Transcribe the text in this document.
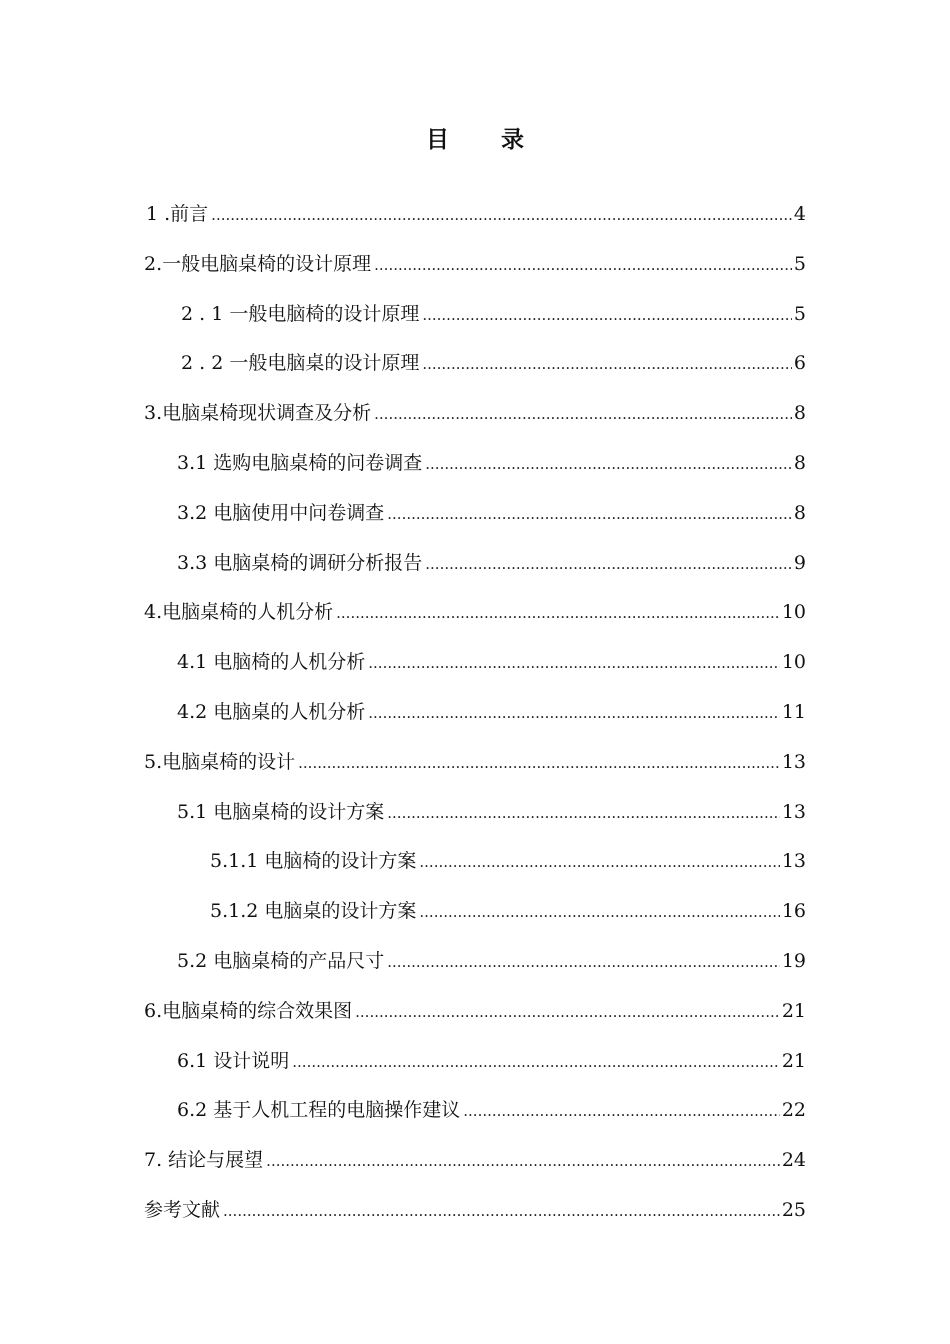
目 录
1 .前言 .....	4
2.一般电脑桌椅的设计原理 .....	5
2 . 1 一般电脑椅的设计原理 .....	5
2 . 2 一般电脑桌的设计原理 .....	6
3.电脑桌椅现状调查及分析 .....	8
3.1 选购电脑桌椅的问卷调查 .....	8
3.2 电脑使用中问卷调查 .....	8
3.3 电脑桌椅的调研分析报告 .....	9
4.电脑桌椅的人机分析 .....	10
4.1 电脑椅的人机分析 .....	10
4.2 电脑桌的人机分析 .....	11
5.电脑桌椅的设计 .....	13
5.1 电脑桌椅的设计方案 .....	13
5.1.1 电脑椅的设计方案 .....	13
5.1.2 电脑桌的设计方案 .....	16
5.2 电脑桌椅的产品尺寸 .....	19
6.电脑桌椅的综合效果图 .....	21
6.1 设计说明 .....	21
6.2 基于人机工程的电脑操作建议 .....	22
7. 结论与展望 .....	24
参考文献 .....	25
